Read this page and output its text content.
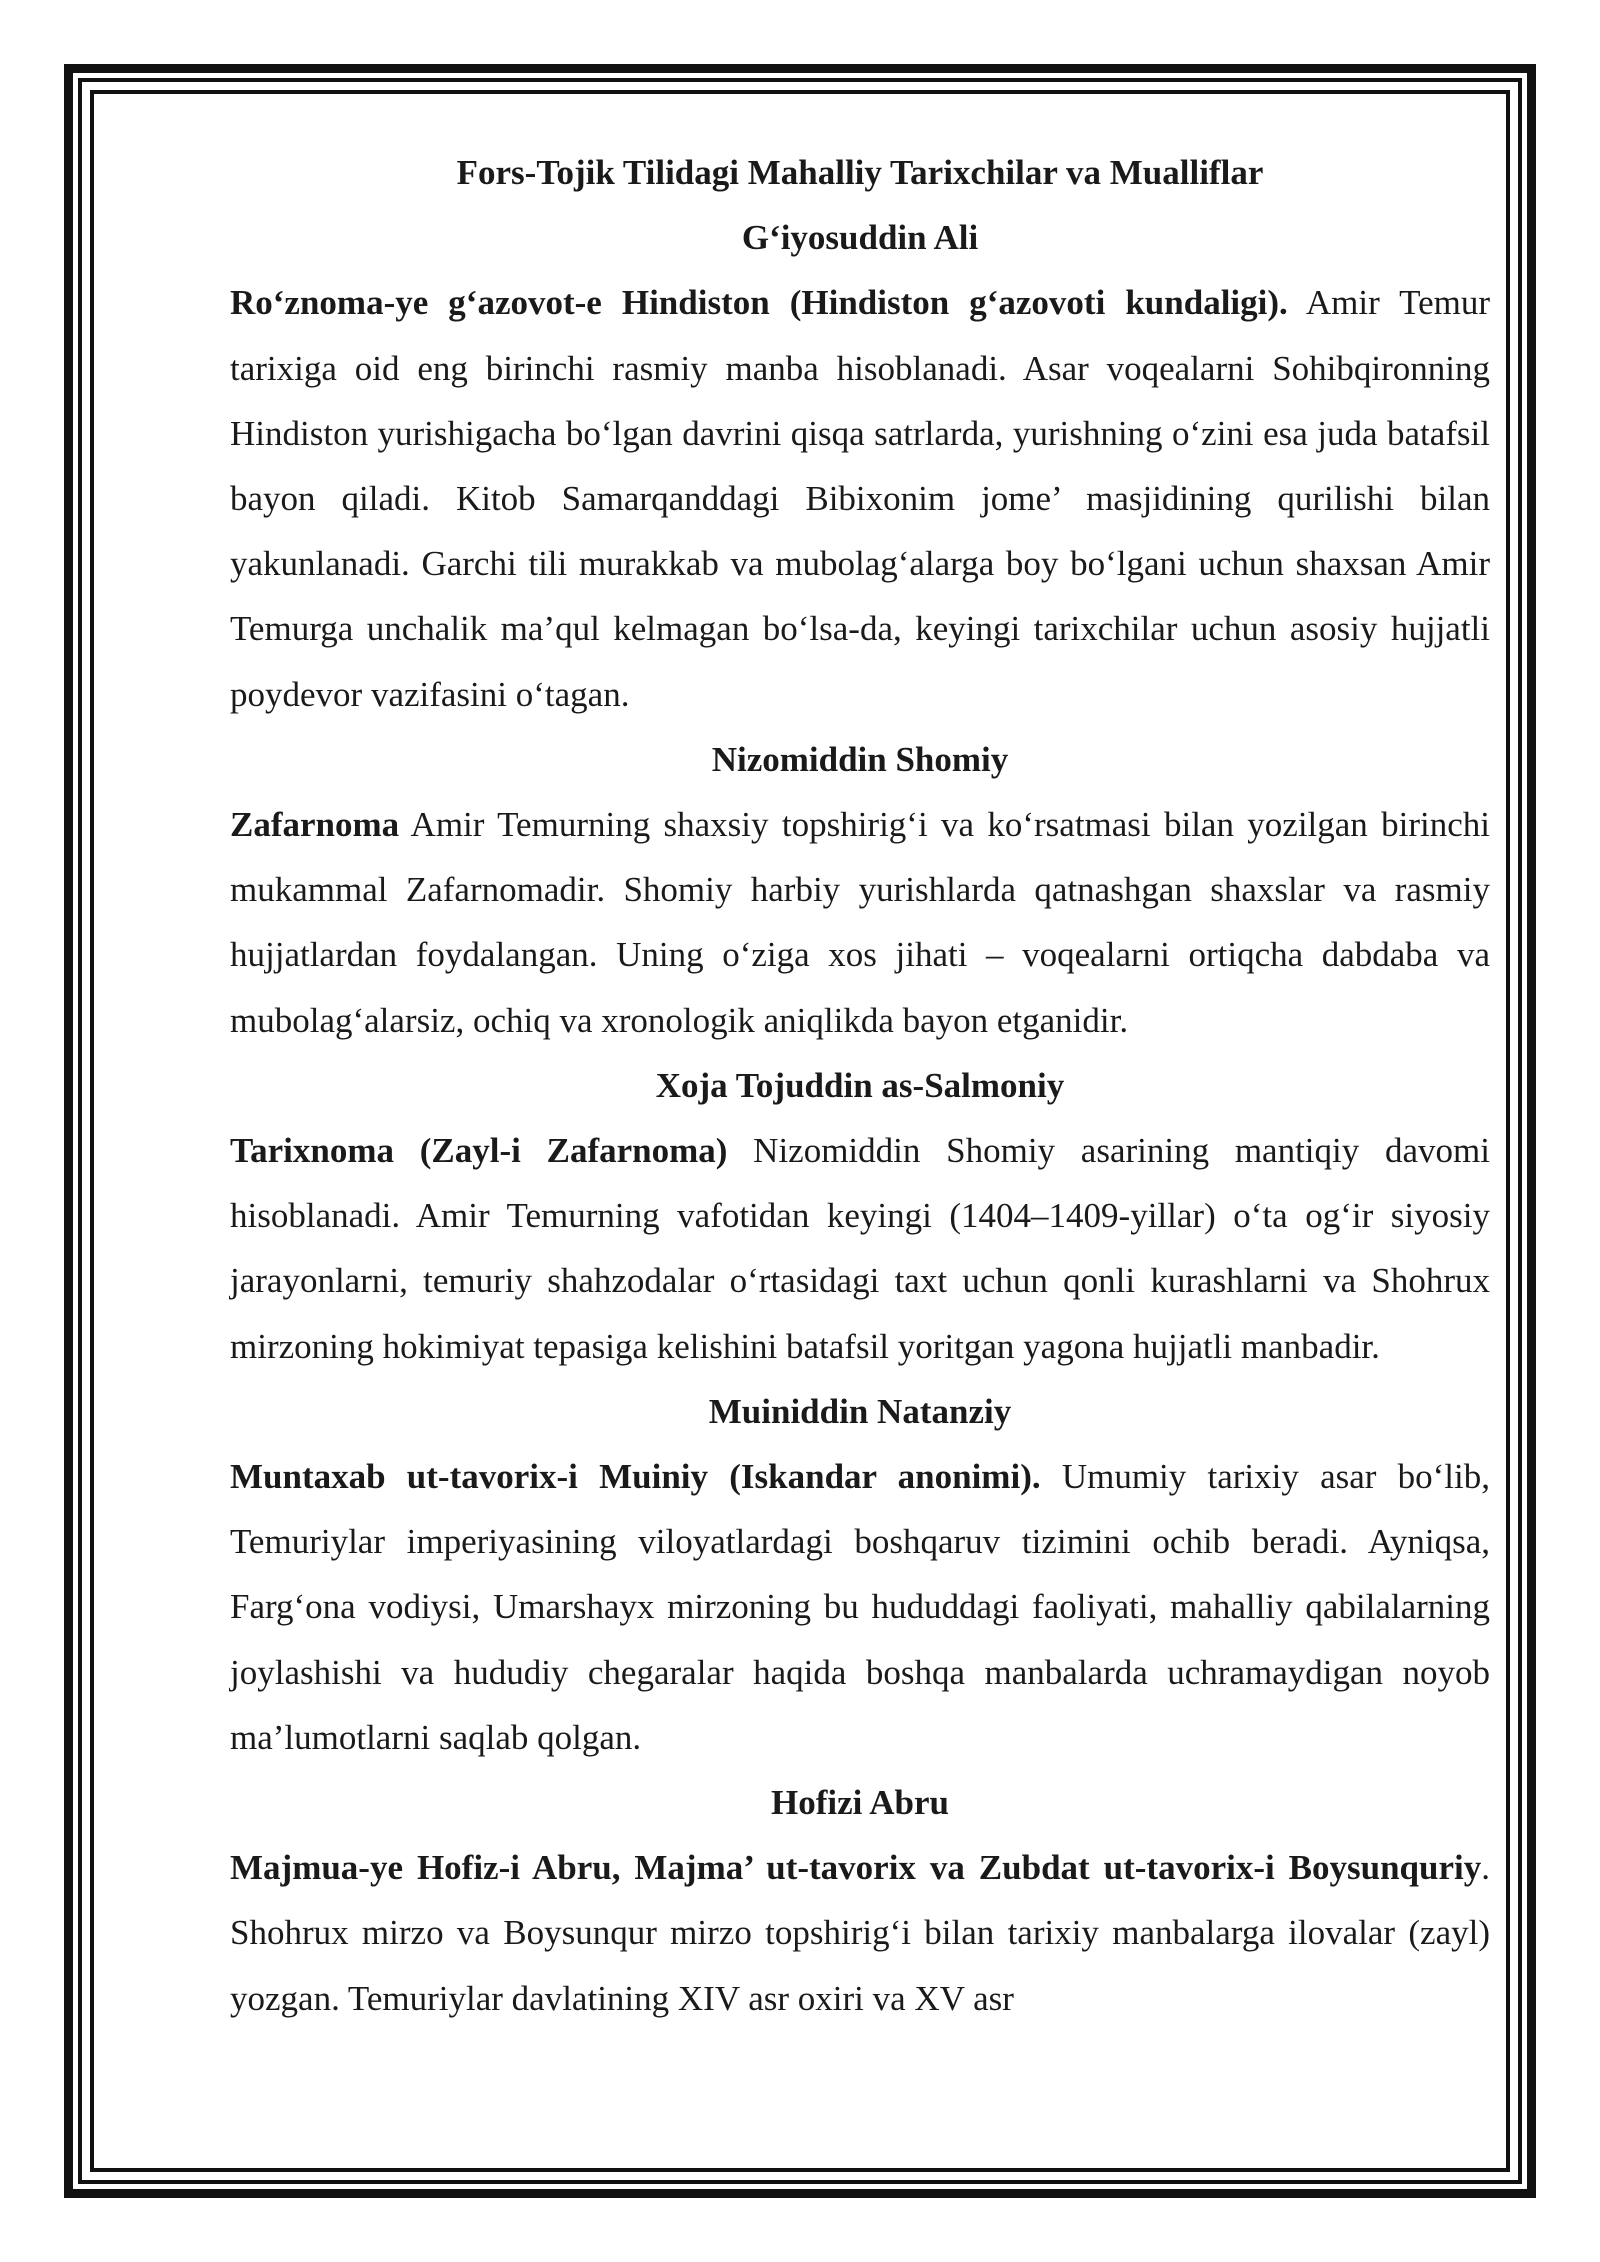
Fors-Tojik Tilidagi Mahalliy Tarixchilar va Mualliflar

G‘iyosuddin Ali

Ro‘znoma-ye g‘azovot-e Hindiston (Hindiston g‘azovoti kundaligi). Amir Temur tarixiga oid eng birinchi rasmiy manba hisoblanadi. Asar voqealarni Sohibqironning Hindiston yurishigacha bo‘lgan davrini qisqa satrlarda, yurishning o‘zini esa juda batafsil bayon qiladi. Kitob Samarqanddagi Bibixonim jome’ masjidining qurilishi bilan yakunlanadi. Garchi tili murakkab va mubolag‘alarga boy bo‘lgani uchun shaxsan Amir Temurga unchalik ma’qul kelmagan bo‘lsa-da, keyingi tarixchilar uchun asosiy hujjatli poydevor vazifasini o‘tagan.

Nizomiddin Shomiy

Zafarnoma Amir Temurning shaxsiy topshirig‘i va ko‘rsatmasi bilan yozilgan birinchi mukammal Zafarnomadir. Shomiy harbiy yurishlarda qatnashgan shaxslar va rasmiy hujjatlardan foydalangan. Uning o‘ziga xos jihati – voqealarni ortiqcha dabdaba va mubolag‘alarsiz, ochiq va xronologik aniqlikda bayon etganidir.

Xoja Tojuddin as-Salmoniy

Tarixnoma (Zayl-i Zafarnoma) Nizomiddin Shomiy asarining mantiqiy davomi hisoblanadi. Amir Temurning vafotidan keyingi (1404–1409-yillar) o‘ta og‘ir siyosiy jarayonlarni, temuriy shahzodalar o‘rtasidagi taxt uchun qonli kurashlarni va Shohrux mirzoning hokimiyat tepasiga kelishini batafsil yoritgan yagona hujjatli manbadir.

Muiniddin Natanziy

Muntaxab ut-tavorix-i Muiniy (Iskandar anonimi). Umumiy tarixiy asar bo‘lib, Temuriylar imperiyasining viloyatlardagi boshqaruv tizimini ochib beradi. Ayniqsa, Farg‘ona vodiysi, Umarshayx mirzoning bu hududdagi faoliyati, mahalliy qabilalarning joylashishi va hududiy chegaralar haqida boshqa manbalarda uchramaydigan noyob ma’lumotlarni saqlab qolgan.

Hofizi Abru

Majmua-ye Hofiz-i Abru, Majma’ ut-tavorix va Zubdat ut-tavorix-i Boysunquriy. Shohrux mirzo va Boysunqur mirzo topshirig‘i bilan tarixiy manbalarga ilovalar (zayl) yozgan. Temuriylar davlatining XIV asr oxiri va XV asr
